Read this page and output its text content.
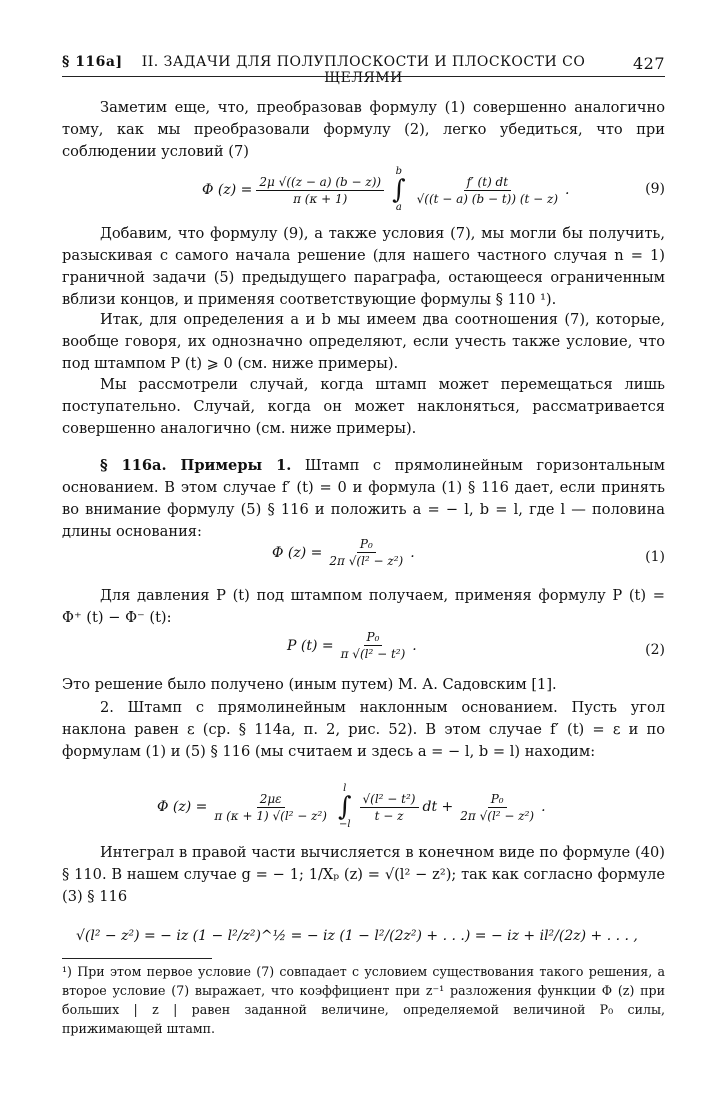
§ 116а]	II. ЗАДАЧИ ДЛЯ ПОЛУПЛОСКОСТИ И ПЛОСКОСТИ СО ЩЕЛЯМИ
427
Заметим еще, что, преобразовав формулу (1) совершенно аналогично тому, как мы преобразовали формулу (2), легко убедиться, что при соблюдении условий (7)
Φ $(z) = \frac{2\mu √((z - a) (b - z))}{\pi (\kappa + 1)}$
b
∫
a
$\frac{f' (t) dt}{√((t - a) (b - t)) (t - z)}$ .	(9)
Добавим, что формулу (9), а также условия (7), мы могли бы получить, разыскивая с самого начала решение (для нашего частного случая n = 1) граничной задачи (5) предыдущего параграфа, остающееся ограниченным вблизи концов, и применяя соответствующие формулы § 110 ¹).
Итак, для определения a и b мы имеем два соотношения (7), которые, вообще говоря, их однозначно определяют, если учесть также условие, что под штампом P (t) ⩾ 0 (см. ниже примеры).
Мы рассмотрели случай, когда штамп может перемещаться лишь поступательно. Случай, когда он может наклоняться, рассматривается совершенно аналогично (см. ниже примеры).
§ 116а. Примеры 1. Штамп с прямолинейным горизонтальным основанием. В этом случае f′ (t) = 0 и формула (1) § 116 дает, если принять во внимание формулу (5) § 116 и положить a = − l, b = l, где l — половина длины основания:
Φ $(z) = \frac{\text{P₀}}{\text{2π √(l² − z²)}}$ .	(1)
Для давления P (t) под штампом получаем, применяя формулу P (t) = Φ⁺ (t) − Φ⁻ (t):
P $(t) = \frac{\text{P₀}}{\text{π √(l² − t²)}}$ .	(2)
Это решение было получено (иным путем) М. А. Садовским [1].
2. Штамп с прямолинейным наклонным основанием. Пусть угол наклона равен ε (ср. § 114а, п. 2, рис. 52). В этом случае f′ (t) = ε и по формулам (1) и (5) § 116 (мы считаем и здесь a = − l, b = l) находим:
Φ $(z) = \frac{2\mu\varepsilon}{\text{π (κ + 1) √(l² − z²)}}$
l
∫
−l
$\frac{\text{√(l² − t²)}}{t - z}$ dt + $\frac{\text{P₀}}{\text{2π √(l² − z²)}}$ .
Интеграл в правой части вычисляется в конечном виде по формуле (40) § 110. В нашем случае g = − 1; 1/Xₚ (z) = √(l² − z²); так как согласно формуле (3) § 116
√(l² − z²) = − iz (1 − l²/z²)^½ = − iz (1 − l²/(2z²) + . . .) = − iz + il²/(2z) + . . . ,
¹) При этом первое условие (7) совпадает с условием существования такого решения, а второе условие (7) выражает, что коэффициент при z⁻¹ разложения функции Φ (z) при больших | z | равен заданной величине, определяемой величиной P₀ силы, прижимающей штамп.
